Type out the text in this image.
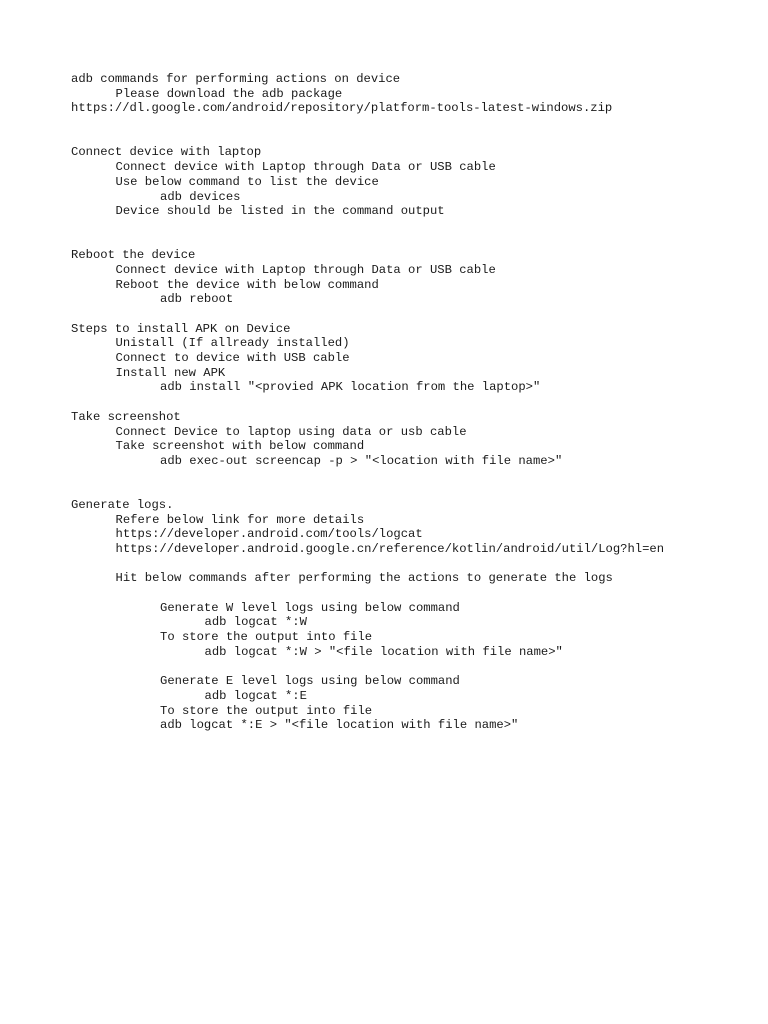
adb commands for performing actions on device
Please download the adb package
https://dl.google.com/android/repository/platform-tools-latest-windows.zip
Connect device with laptop
Connect device with Laptop through Data or USB cable
Use below command to list the device
adb devices
Device should be listed in the command output
Reboot the device
Connect device with Laptop through Data or USB cable
Reboot the device with below command
adb reboot
Steps to install APK on Device
Unistall (If allready installed)
Connect to device with USB cable
Install new APK
adb install "<provied APK location from the laptop>"
Take screenshot
Connect Device to laptop using data or usb cable
Take screenshot with below command
adb exec-out screencap -p > "<location with file name>"
Generate logs.
Refere below link for more details
https://developer.android.com/tools/logcat
https://developer.android.google.cn/reference/kotlin/android/util/Log?hl=en
Hit below commands after performing the actions to generate the logs
Generate W level logs using below command
adb logcat *:W
To store the output into file
adb logcat *:W > "<file location with file name>"
Generate E level logs using below command
adb logcat *:E
To store the output into file
adb logcat *:E > "<file location with file name>"
